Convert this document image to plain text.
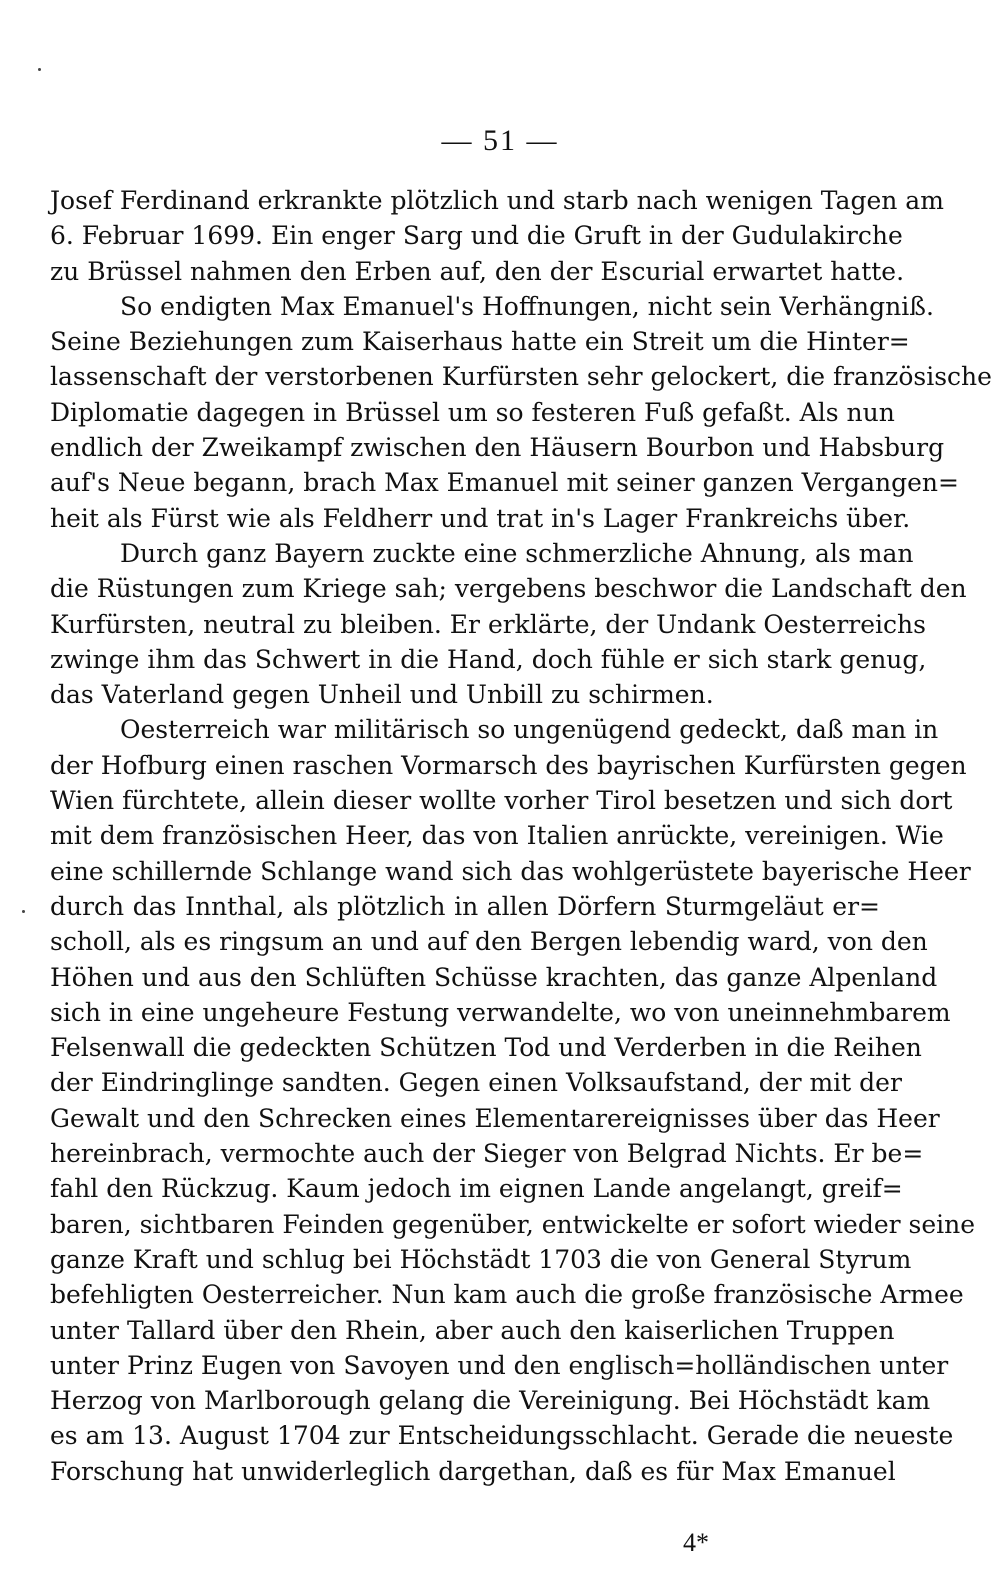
— 51 —
Josef Ferdinand erkrankte plötzlich und starb nach wenigen Tagen am
6. Februar 1699. Ein enger Sarg und die Gruft in der Gudulakirche
zu Brüssel nahmen den Erben auf, den der Escurial erwartet hatte.
So endigten Max Emanuel's Hoffnungen, nicht sein Verhängniß.
Seine Beziehungen zum Kaiserhaus hatte ein Streit um die Hinter=
lassenschaft der verstorbenen Kurfürsten sehr gelockert, die französische
Diplomatie dagegen in Brüssel um so festeren Fuß gefaßt. Als nun
endlich der Zweikampf zwischen den Häusern Bourbon und Habsburg
auf's Neue begann, brach Max Emanuel mit seiner ganzen Vergangen=
heit als Fürst wie als Feldherr und trat in's Lager Frankreichs über.
Durch ganz Bayern zuckte eine schmerzliche Ahnung, als man
die Rüstungen zum Kriege sah; vergebens beschwor die Landschaft den
Kurfürsten, neutral zu bleiben. Er erklärte, der Undank Oesterreichs
zwinge ihm das Schwert in die Hand, doch fühle er sich stark genug,
das Vaterland gegen Unheil und Unbill zu schirmen.
Oesterreich war militärisch so ungenügend gedeckt, daß man in
der Hofburg einen raschen Vormarsch des bayrischen Kurfürsten gegen
Wien fürchtete, allein dieser wollte vorher Tirol besetzen und sich dort
mit dem französischen Heer, das von Italien anrückte, vereinigen. Wie
eine schillernde Schlange wand sich das wohlgerüstete bayerische Heer
durch das Innthal, als plötzlich in allen Dörfern Sturmgeläut er=
scholl, als es ringsum an und auf den Bergen lebendig ward, von den
Höhen und aus den Schlüften Schüsse krachten, das ganze Alpenland
sich in eine ungeheure Festung verwandelte, wo von uneinnehmbarem
Felsenwall die gedeckten Schützen Tod und Verderben in die Reihen
der Eindringlinge sandten. Gegen einen Volksaufstand, der mit der
Gewalt und den Schrecken eines Elementarereignisses über das Heer
hereinbrach, vermochte auch der Sieger von Belgrad Nichts. Er be=
fahl den Rückzug. Kaum jedoch im eignen Lande angelangt, greif=
baren, sichtbaren Feinden gegenüber, entwickelte er sofort wieder seine
ganze Kraft und schlug bei Höchstädt 1703 die von General Styrum
befehligten Oesterreicher. Nun kam auch die große französische Armee
unter Tallard über den Rhein, aber auch den kaiserlichen Truppen
unter Prinz Eugen von Savoyen und den englisch=holländischen unter
Herzog von Marlborough gelang die Vereinigung. Bei Höchstädt kam
es am 13. August 1704 zur Entscheidungsschlacht. Gerade die neueste
Forschung hat unwiderleglich dargethan, daß es für Max Emanuel
4*
